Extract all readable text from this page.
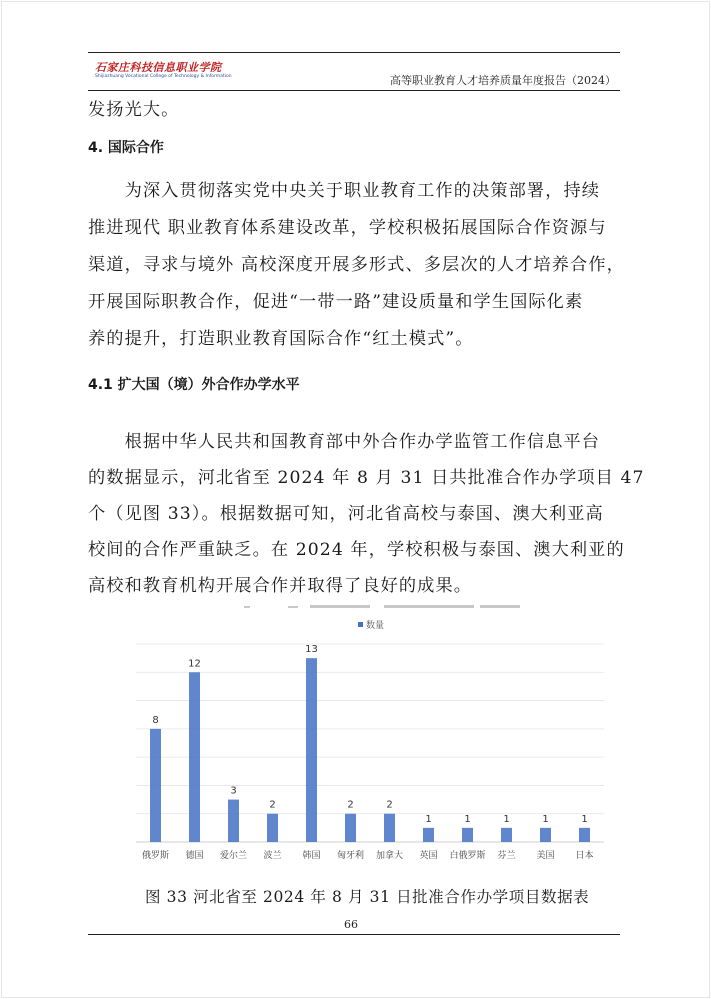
石家庄科技信息职业学院
Shijiazhuang Vocational College of Technology & Information	高等职业教育人才培养质量年度报告（2024）
发扬光大。
4. 国际合作
　　为深入贯彻落实党中央关于职业教育工作的决策部署，持续
推进现代 职业教育体系建设改革，学校积极拓展国际合作资源与
渠道，寻求与境外 高校深度开展多形式、多层次的人才培养合作，
开展国际职教合作，促进“一带一路”建设质量和学生国际化素
养的提升，打造职业教育国际合作“红土模式”。
4.1 扩大国（境）外合作办学水平
　　根据中华人民共和国教育部中外合作办学监管工作信息平台
的数据显示，河北省至 2024 年 8 月 31 日共批准合作办学项目 47
个（见图 33）。根据数据可知，河北省高校与泰国、澳大利亚高
校间的合作严重缺乏。在 2024 年，学校积极与泰国、澳大利亚的
高校和教育机构开展合作并取得了良好的成果。
8
12
3
2
13
2	2
1	1	1	1	1
俄罗斯 德国 爱尔兰 波兰 韩国 匈牙利 加拿大 英国 白俄罗斯 芬兰 美国 日本
数量
图 33 河北省至 2024 年 8 月 31 日批准合作办学项目数据表
66
